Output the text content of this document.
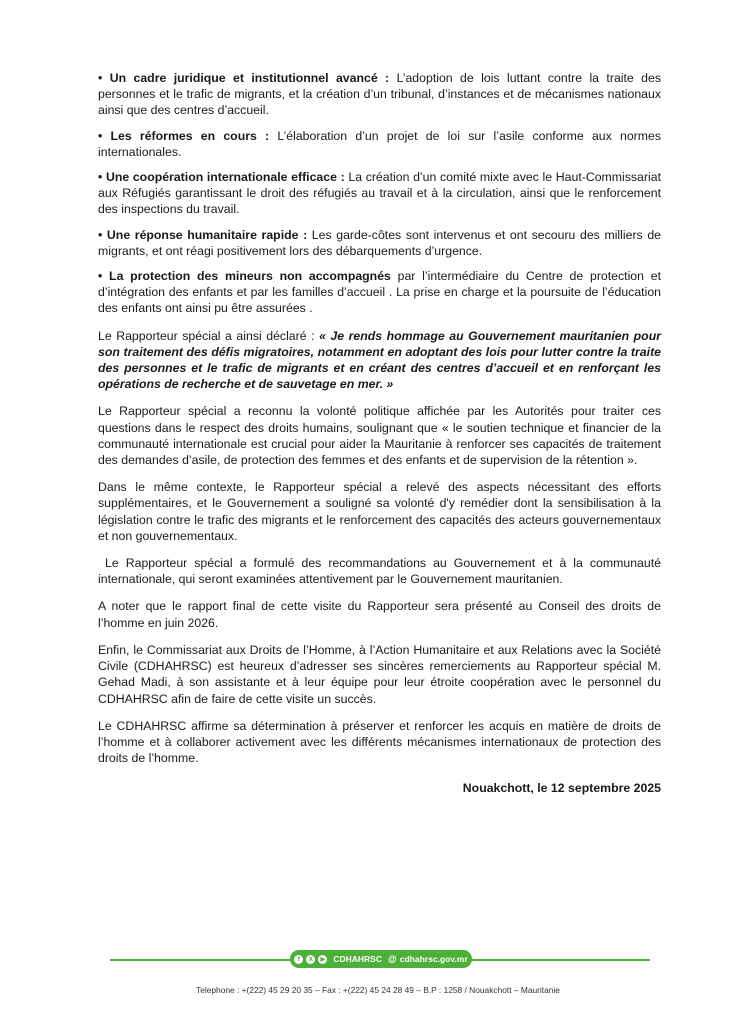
• Un cadre juridique et institutionnel avancé : L’adoption de lois luttant contre la traite des personnes et le trafic de migrants, et la création d’un tribunal, d’instances et de mécanismes nationaux ainsi que des centres d’accueil.

• Les réformes en cours : L’élaboration d’un projet de loi sur l’asile conforme aux normes internationales.

• Une coopération internationale efficace : La création d’un comité mixte avec le Haut-Commissariat aux Réfugiés garantissant le droit des réfugiés au travail et à la circulation, ainsi que le renforcement des inspections du travail.

• Une réponse humanitaire rapide : Les garde-côtes sont intervenus et ont secouru des milliers de migrants, et ont réagi positivement lors des débarquements d’urgence.

• La protection des mineurs non accompagnés par l’intermédiaire du Centre de protection et d’intégration des enfants et par les familles d’accueil . La prise en charge et la poursuite de l’éducation des enfants ont ainsi pu être assurées .

Le Rapporteur spécial a ainsi déclaré : « Je rends hommage au Gouvernement mauritanien pour son traitement des défis migratoires, notamment en adoptant des lois pour lutter contre la traite des personnes et le trafic de migrants et en créant des centres d’accueil et en renforçant les opérations de recherche et de sauvetage en mer. »

Le Rapporteur spécial a reconnu la volonté politique affichée par les Autorités pour traiter ces questions dans le respect des droits humains, soulignant que « le soutien technique et financier de la communauté internationale est crucial pour aider la Mauritanie à renforcer ses capacités de traitement des demandes d’asile, de protection des femmes et des enfants et de supervision de la rétention ».

Dans le même contexte, le Rapporteur spécial a relevé des aspects nécessitant des efforts supplémentaires, et le Gouvernement a souligné sa volonté d'y remédier dont la sensibilisation à la législation contre le trafic des migrants et le renforcement des capacités des acteurs gouvernementaux et non gouvernementaux.

Le Rapporteur spécial a formulé des recommandations au Gouvernement et à la communauté internationale, qui seront examinées attentivement par le Gouvernement mauritanien.

A noter que le rapport final de cette visite du Rapporteur sera présenté au Conseil des droits de l’homme en juin 2026.

Enfin, le Commissariat aux Droits de l’Homme, à l’Action Humanitaire et aux Relations avec la Société Civile (CDHAHRSC) est heureux d’adresser ses sincères remerciements au Rapporteur spécial M. Gehad Madi, à son assistante et à leur équipe pour leur étroite coopération avec le personnel du CDHAHRSC afin de faire de cette visite un succès.

Le CDHAHRSC affirme sa détermination à préserver et renforcer les acquis en matière de droits de l’homme et à collaborer activement avec les différents mécanismes internationaux de protection des droits de l’homme.

Nouakchott, le 12 septembre 2025
f	X	▶ CDHAHRSC @ cdhahrsc.gov.mr
Telephone : +(222) 45 29 20 35 – Fax : +(222) 45 24 28 49 – B.P : 1258 / Nouakchott – Mauritanie
